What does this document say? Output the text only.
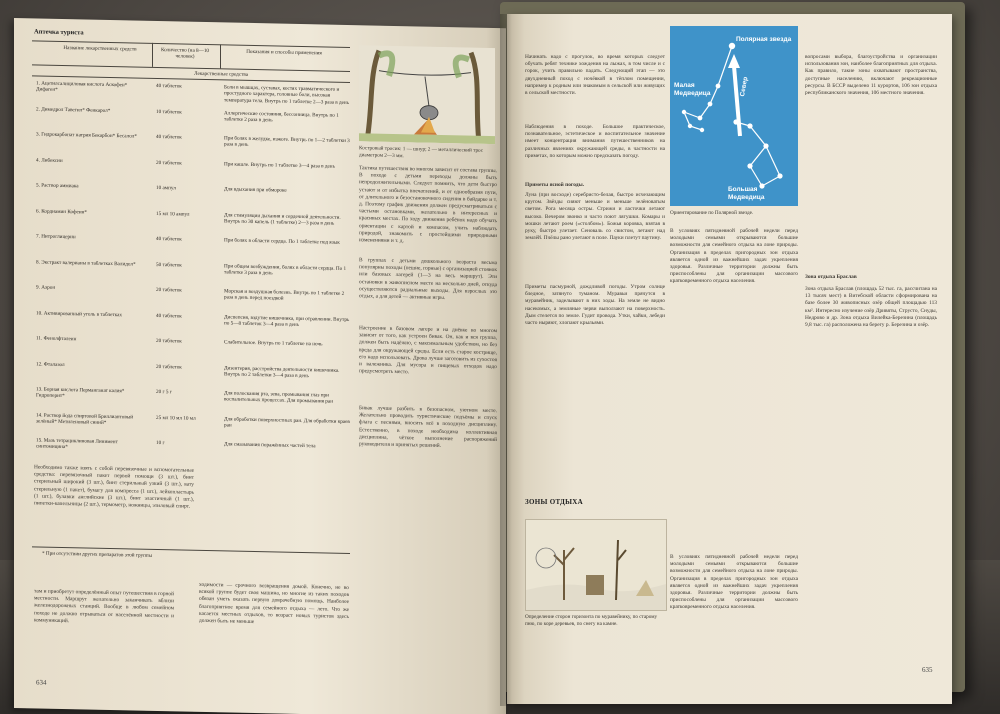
Аптечка туриста
Название лекарственных средств	Количество (на 8—10 человек)
Показания и способы применения
Лекарственные средства
1. Ацетилсалициловая кислота Аскофен* Дифаген*
40 таблеток	Боли в мышцах, суставах, костях травматического и простудного характера, головные боли, высокая температура тела. Внутрь по 1 таблетке 2—3 раза в день
2. Димедрол Тавегил* Фенкарол*	10 таблеток	Аллергические состояния, бессонница. Внутрь по 1 таблетке 2 раза в день
3. Гидрокарбонат натрия Бекарбон* Бесалол*	40 таблеток	При болях в желудке, изжоге. Внутрь по 1—2 таблетки 3 раза в день
4. Либексин	20 таблеток	При кашле. Внутрь по 1 таблетке 3—4 раза в день
5. Раствор аммиака	10 ампул	Для вдыхания при обмороке
6. Кордиамин Кофеин*	15 мл 10 ампул	Для стимуляции дыхания и сердечной деятельности. Внутрь по 30 капель (1 таблетке) 2—3 раза в день
7. Нитроглицерин	40 таблеток	При болях в области сердца. По 1 таблетке под язык
8. Экстракт валерианы в таблетках Валидол*	50 таблеток	При общем возбуждении, болях в области сердца. По 1 таблетке 3 раза в день
9. Аэрон	20 таблеток	Морская и воздушная болезнь. Внутрь по 1 таблетке 2 раза в день перед поездкой
10. Активированный уголь в таблетках	40 таблеток	Диспепсия, вздутие кишечника, при отравлении. Внутрь по 5—8 таблеток 3—4 раза в день
11. Фенолфталеин	20 таблеток	Слабительное. Внутрь по 1 таблетке на ночь
12. Фталазол	20 таблеток	Дизентерия, расстройства деятельности кишечника. Внутрь по 2 таблетки 3—4 раза в день
13. Борная кислота Перманганат калия* Гидроперит*
20 г 5 г	Для полоскания рта, зева, промывания глаз при воспалительных процессах. Для промывания ран
14. Раствор йода спиртовой Бриллиантовый зелёный* Метиленовый синий*
25 мл 10 мл 10 мл	Для обработки поверхностных ран. Для обработки краев ран
15. Мазь тетрациклиновая Линимент синтомицина*
10 г	Для смазывания поражённых частей тела
Необходимо также взять с собой перевязочные и вспомогательные средства: перевязочный пакет первой помощи (3 шт.), бинт стерильный широкий (3 шт.), бинт стерильный узкий (3 шт.), вату стерильную (1 пакет), бумагу для компресса (1 шт.), лейкопластырь (1 шт.), булавки английские (3 шт.), бинт эластичный (1 шт.), пипетки-капельницы (2 шт.), термометр, ножницы, этиловый спирт.
* При отсутствии других препаратов этой группы
там и приобретут определённый опыт путешествия в горной местности. Маршрут желательно заканчивать вблизи железнодорожных станций. Вообще в любом семейном походе не должно отрываться от населённой местности и коммуникаций.
ходимости — срочного возвращения домой. Конечно, не во всякой группе будет своя машина, но многие из таких походов обязан уметь оказать первую доврачебную помощь. Наиболее благоприятное время для семейного отдыха — лето. Что же касается местных отдыхов, то возраст новых туристов здесь должен быть не меньше
634
Костровый тросик: 1 — шнур; 2 — металлический трос диаметром 2—3 мм.
Тактика путешествия во многом зависит от состава группы. В походе с детьми переходы должны быть непродолжительными. Следует помнить, что дети быстро устают и от избытка впечатлений, и от однообразия пути, от длительного и безостановочного сидения в байдарке и т. д. Поэтому график движения должен предусматриваться с частыми остановками, желательно в интересных и красивых местах. По ходу движения ребёнок надо обучать ориентации с картой и компасом, учить наблюдать природой, знакомить с простейшими природными изменениями и т. д.
В группах с детьми дошкольного возраста весьма популярны походы (пешие, горные) с организацией стоянок или базовых лагерей (1—3 на весь маршрут). Эти остановки в живописном месте на несколько дней, откуда осуществляются радиальные выходы. Для взрослых это отдых, а для детей — активные игры.
Настроение в базовом лагере и на днёвке во многом зависит от того, как устроен бивак. Он, как и вся группа, должен быть надёжно, с максимальным удобством, но без вреда для окружающей среды. Если есть старое кострище, его надо использовать. Дрова лучше заготовить из сухостоя и валежника. Для мусора и пищевых отходов надо предусмотреть место.
Бивак лучше разбить в безопасном, уютном месте. Желательно проводить туристические подъёмы и спуск флага с песнями, вносить всё в походную дисциплину. Естественно, в походе необходима коллективная дисциплина, чёткое выполнение распоряжений руководителя и принятых решений.
Начинать надо с прогулок, во время которых следует обучать ребят технике хождения на лыжах, в том числе и с горок, учить правильно падать. Следующий этап — это двухдневный поход с ночёвкой в тёплом помещении, например к родным или знакомым в сельской или живущих в сельской местности.
Наблюдения в походе. Большое практическое, познавательное, эстетическое и воспитательное значение имеет концентрация внимания путешественников на различных явлениях окружающей среды, в частности на приметах, по которым можно предсказать погоду.
Приметы ясной погоды.
Луна (при восходе) серебристо-белая, быстро исчезающим кругом. Звёзды сияют меньше и меньше зелёноватым светом. Рога месяца остры. Стрижи и ласточки летают высоко. Вечером звонко и часто поют лягушки. Комары и мошки летают роем («столбом»). Божья коровка, взятая в руку, быстро улетает. Сеноваль со свистом, летают над землёй. Пчёлы рано улетают в поле. Пауки плетут паутину.
Приметы пасмурной, дождливой погоды. Утром солнце бледное, затянуто туманом. Муравьи прячутся в муравейник, заделывают в них ходы. На земле не видно насекомых, а земляные черви выползают на поверхность. Дым стелется по земле. Гудит провода. Утки, чайки, лебеди часто ныряют, хлопают крыльями.
ЗОНЫ ОТДЫХА
Определение сторон горизонта по муравейнику, по старому пню, по коре деревьев, по снегу на камне.
Полярная звезда
Малая Медведица	Север
Большая Медведица
Ориентирование по Полярной звезде.
В условиях пятидневной рабочей недели перед молодыми семьями открываются большие возможности для семейного отдыха на лоне природы. Организация в пределах пригородных зон отдыха является одной из важнейших задач укрепления здоровья. Различные территории должны быть приспособлены для организации массового кратковременного отдыха населения.
В условиях пятидневной рабочей недели перед молодыми семьями открываются большие возможности для семейного отдыха на лоне природы. Организация в пределах пригородных зон отдыха является одной из важнейших задач укрепления здоровья. Различные территории должны быть приспособлены для организации массового кратковременного отдыха населения.
вопросами выбора, благоустройства и организации использования зон, наиболее благоприятных для отдыха. Как правило, такие зоны охватывают пространства, доступные населению, включают рекреационные ресурсы. В БССР выделено 11 курортов, 106 зон отдыха республиканского значения, 106 местного значения.
Зона отдыха Браслав
Зона отдыха Браслав (площадь 52 тыс. га, рассчитана на 13 тысяч мест) в Витебской области сформирована на базе более 30 живописных озёр общей площадью 113 км². Интересно изучение озёр Дривяты, Струсто, Снуды, Недрово и др. Зона отдыха Вилейка-Березина (площадь 9,8 тыс. га) расположена на берегу р. Березина и озёр.
635
